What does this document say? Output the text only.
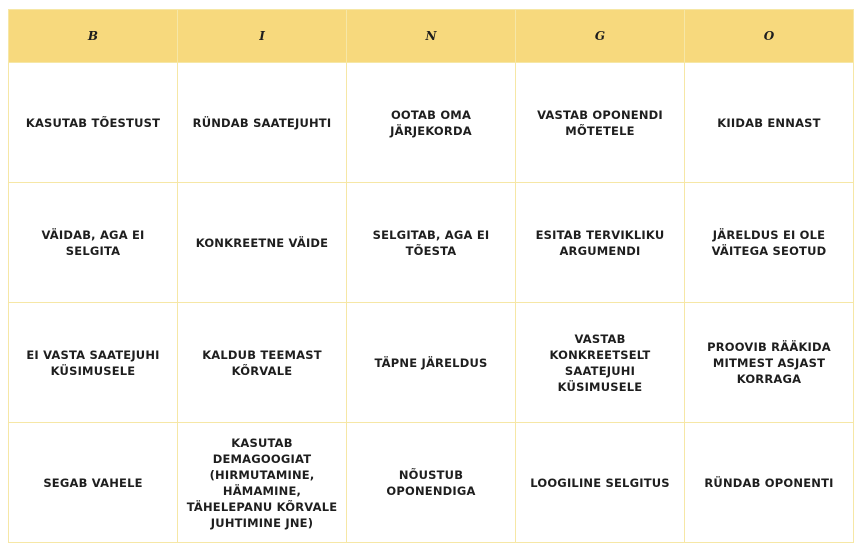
B	I	N	G	O
KASUTAB TÕESTUST	RÜNDAB SAATEJUHTI	OOTAB OMA JÄRJEKORDA	VASTAB OPONENDI MÕTETELE	KIIDAB ENNAST
VÄIDAB, AGA EI SELGITA	KONKREETNE VÄIDE	SELGITAB, AGA EI TÕESTA	ESITAB TERVIKLIKU ARGUMENDI	JÄRELDUS EI OLE VÄITEGA SEOTUD
EI VASTA SAATEJUHI KÜSIMUSELE	KALDUB TEEMAST KÕRVALE	TÄPNE JÄRELDUS	VASTAB KONKREETSELT SAATEJUHI KÜSIMUSELE	PROOVIB RÄÄKIDA MITMEST ASJAST KORRAGA
SEGAB VAHELE	KASUTAB DEMAGOOGIAT (HIRMUTAMINE, HÄMAMINE, TÄHELEPANU KÕRVALE JUHTIMINE JNE)	NÕUSTUB OPONENDIGA	LOOGILINE SELGITUS	RÜNDAB OPONENTI
